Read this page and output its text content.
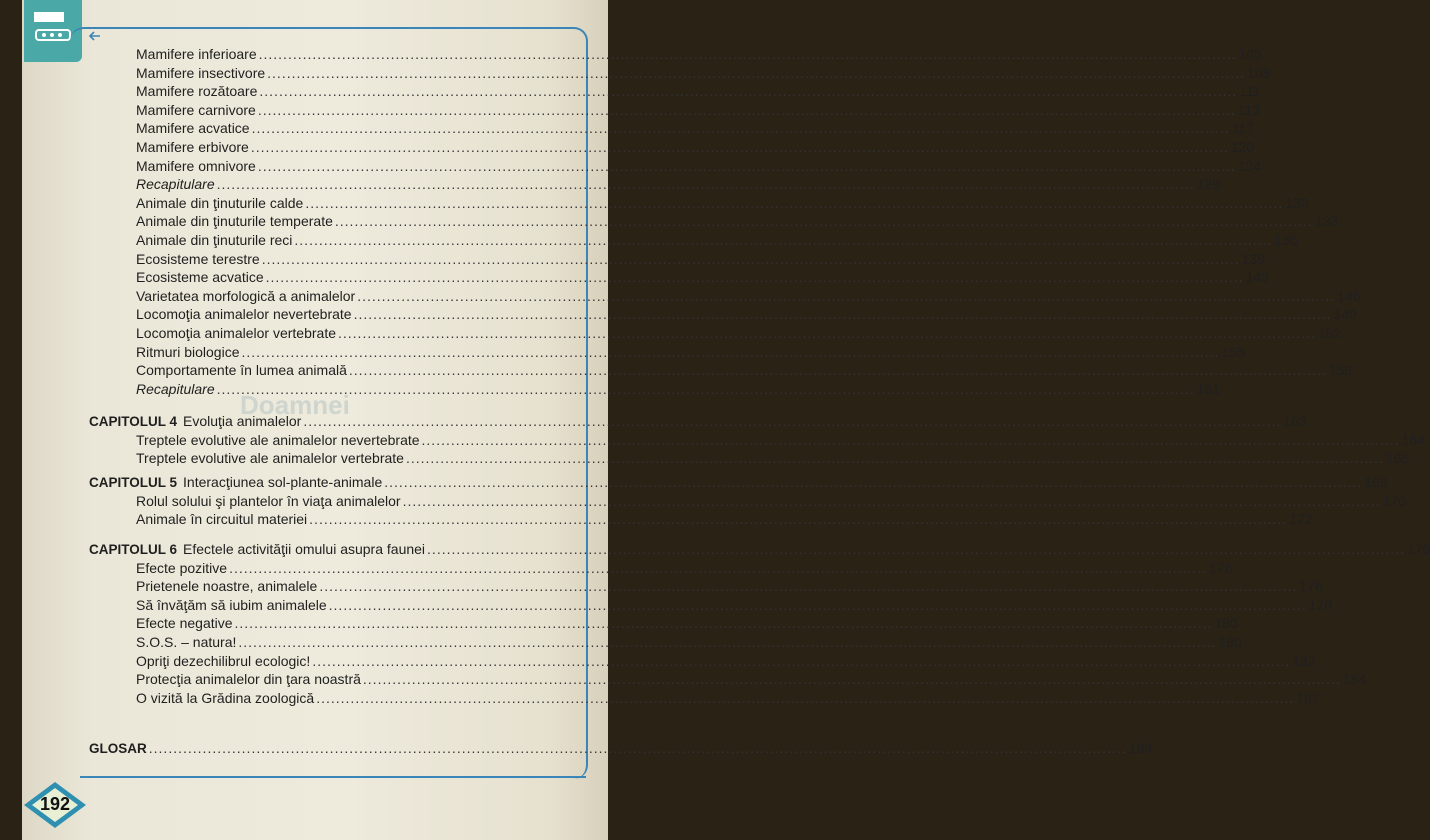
Doamnei
Mamifere inferioare ........................................................................................................................................................................................................ 105
Mamifere insectivore ........................................................................................................................................................................................................ 108
Mamifere rozătoare ........................................................................................................................................................................................................ 111
Mamifere carnivore ........................................................................................................................................................................................................ 113
Mamifere acvatice ........................................................................................................................................................................................................ 117
Mamifere erbivore ........................................................................................................................................................................................................ 120
Mamifere omnivore ........................................................................................................................................................................................................ 124
Recapitulare ........................................................................................................................................................................................................ 128
Animale din ţinuturile calde ........................................................................................................................................................................................................ 130
Animale din ţinuturile temperate ........................................................................................................................................................................................................ 133
Animale din ţinuturile reci ........................................................................................................................................................................................................ 136
Ecosisteme terestre ........................................................................................................................................................................................................ 139
Ecosisteme acvatice ........................................................................................................................................................................................................ 143
Varietatea morfologică a animalelor ........................................................................................................................................................................................................ 146
Locomoţia animalelor nevertebrate ........................................................................................................................................................................................................ 149
Locomoţia animalelor vertebrate ........................................................................................................................................................................................................ 152
Ritmuri biologice ........................................................................................................................................................................................................ 155
Comportamente în lumea animală ........................................................................................................................................................................................................ 158
Recapitulare ........................................................................................................................................................................................................ 161
CAPITOLUL 4 Evoluţia animalelor ........................................................................................................................................................................................................ 163
Treptele evolutive ale animalelor nevertebrate ........................................................................................................................................................................................................ 164
Treptele evolutive ale animalelor vertebrate ........................................................................................................................................................................................................ 166
CAPITOLUL 5 Interacţiunea sol-plante-animale ........................................................................................................................................................................................................ 169
Rolul solului şi plantelor în viaţa animalelor ........................................................................................................................................................................................................ 170
Animale în circuitul materiei ........................................................................................................................................................................................................ 172
CAPITOLUL 6 Efectele activităţii omului asupra faunei ........................................................................................................................................................................................................ 175
Efecte pozitive ........................................................................................................................................................................................................ 176
Prietenele noastre, animalele ........................................................................................................................................................................................................ 176
Să învăţăm să iubim animalele ........................................................................................................................................................................................................ 178
Efecte negative ........................................................................................................................................................................................................ 180
S.O.S. – natura! ........................................................................................................................................................................................................ 180
Opriţi dezechilibrul ecologic! ........................................................................................................................................................................................................ 182
Protecţia animalelor din ţara noastră ........................................................................................................................................................................................................ 184
O vizită la Grădina zoologică ........................................................................................................................................................................................................ 187
GLOSAR ........................................................................................................................................................................................................ 189
192
